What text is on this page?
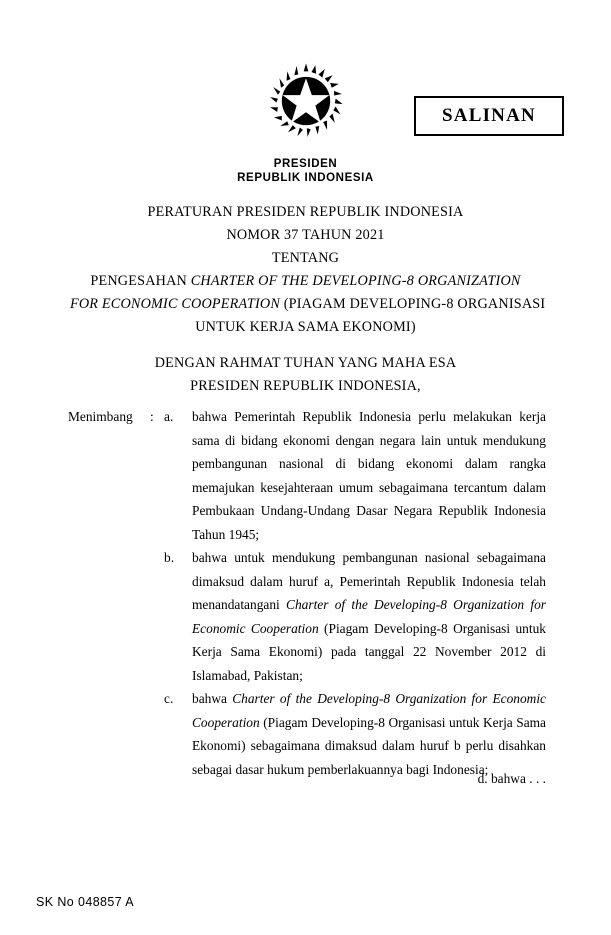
SALINAN
PRESIDEN
REPUBLIK INDONESIA
PERATURAN PRESIDEN REPUBLIK INDONESIA
NOMOR 37 TAHUN 2021
TENTANG
PENGESAHAN CHARTER OF THE DEVELOPING-8 ORGANIZATION
FOR ECONOMIC COOPERATION (PIAGAM DEVELOPING-8 ORGANISASI
UNTUK KERJA SAMA EKONOMI)
DENGAN RAHMAT TUHAN YANG MAHA ESA
PRESIDEN REPUBLIK INDONESIA,
Menimbang	: a.	bahwa Pemerintah Republik Indonesia perlu melakukan kerja sama di bidang ekonomi dengan negara lain untuk mendukung pembangunan nasional di bidang ekonomi dalam rangka memajukan kesejahteraan umum sebagaimana tercantum dalam Pembukaan Undang-Undang Dasar Negara Republik Indonesia Tahun 1945;
b.	bahwa untuk mendukung pembangunan nasional sebagaimana dimaksud dalam huruf a, Pemerintah Republik Indonesia telah menandatangani Charter of the Developing-8 Organization for Economic Cooperation (Piagam Developing-8 Organisasi untuk Kerja Sama Ekonomi) pada tanggal 22 November 2012 di Islamabad, Pakistan;
c.	bahwa Charter of the Developing-8 Organization for Economic Cooperation (Piagam Developing-8 Organisasi untuk Kerja Sama Ekonomi) sebagaimana dimaksud dalam huruf b perlu disahkan sebagai dasar hukum pemberlakuannya bagi Indonesia;
d. bahwa . . .
SK No 048857 A
